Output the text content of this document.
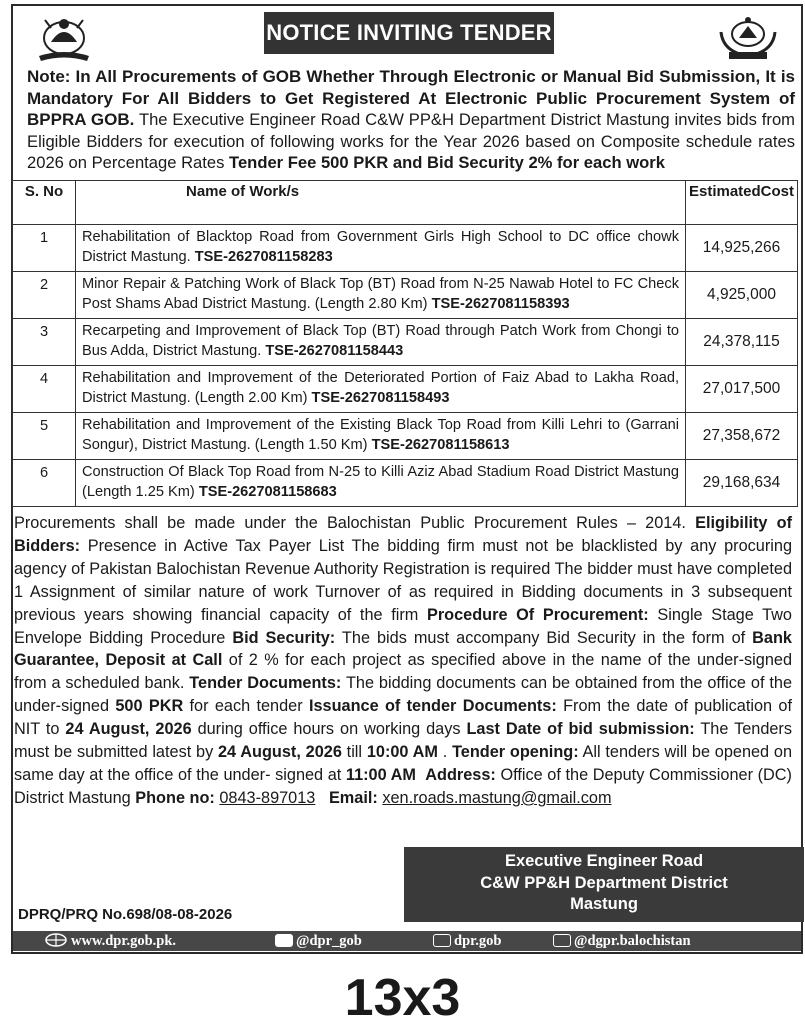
NOTICE INVITING TENDER
Note: In All Procurements of GOB Whether Through Electronic or Manual Bid Submission, It is Mandatory For All Bidders to Get Registered At Electronic Public Procurement System of BPPRA GOB. The Executive Engineer Road C&W PP&H Department District Mastung invites bids from Eligible Bidders for execution of following works for the Year 2026 based on Composite schedule rates 2026 on Percentage Rates Tender Fee 500 PKR and Bid Security 2% for each work
S. No	Name of Work/s	EstimatedCost
1	Rehabilitation of Blacktop Road from Government Girls High School to DC office chowk District Mastung. TSE-2627081158283	14,925,266
2	Minor Repair & Patching Work of Black Top (BT) Road from N-25 Nawab Hotel to FC Check Post Shams Abad District Mastung. (Length 2.80 Km) TSE-2627081158393	4,925,000
3	Recarpeting and Improvement of Black Top (BT) Road through Patch Work from Chongi to Bus Adda, District Mastung. TSE-2627081158443	24,378,115
4	Rehabilitation and Improvement of the Deteriorated Portion of Faiz Abad to Lakha Road, District Mastung. (Length 2.00 Km) TSE-2627081158493	27,017,500
5	Rehabilitation and Improvement of the Existing Black Top Road from Killi Lehri to (Garrani Songur), District Mastung. (Length 1.50 Km) TSE-2627081158613	27,358,672
6	Construction Of Black Top Road from N-25 to Killi Aziz Abad Stadium Road District Mastung (Length 1.25 Km) TSE-2627081158683	29,168,634
Procurements shall be made under the Balochistan Public Procurement Rules – 2014. Eligibility of Bidders: Presence in Active Tax Payer List The bidding firm must not be blacklisted by any procuring agency of Pakistan Balochistan Revenue Authority Registration is required The bidder must have completed 1 Assignment of similar nature of work Turnover of as required in Bidding documents in 3 subsequent previous years showing financial capacity of the firm Procedure Of Procurement: Single Stage Two Envelope Bidding Procedure Bid Security: The bids must accompany Bid Security in the form of Bank Guarantee, Deposit at Call of 2 % for each project as specified above in the name of the under-signed from a scheduled bank. Tender Documents: The bidding documents can be obtained from the office of the under-signed 500 PKR for each tender Issuance of tender Documents: From the date of publication of NIT to 24 August, 2026 during office hours on working days Last Date of bid submission: The Tenders must be submitted latest by 24 August, 2026 till 10:00 AM . Tender opening: All tenders will be opened on same day at the office of the under- signed at 11:00 AM Address: Office of the Deputy Commissioner (DC) District Mastung Phone no: 0843-897013 Email: xen.roads.mastung@gmail.com
Executive Engineer Road
C&W PP&H Department District
Mastung
DPRQ/PRQ No.698/08-08-2026
www.dpr.gob.pk.	@dpr_gob	dpr.gob	@dgpr.balochistan
13x3
